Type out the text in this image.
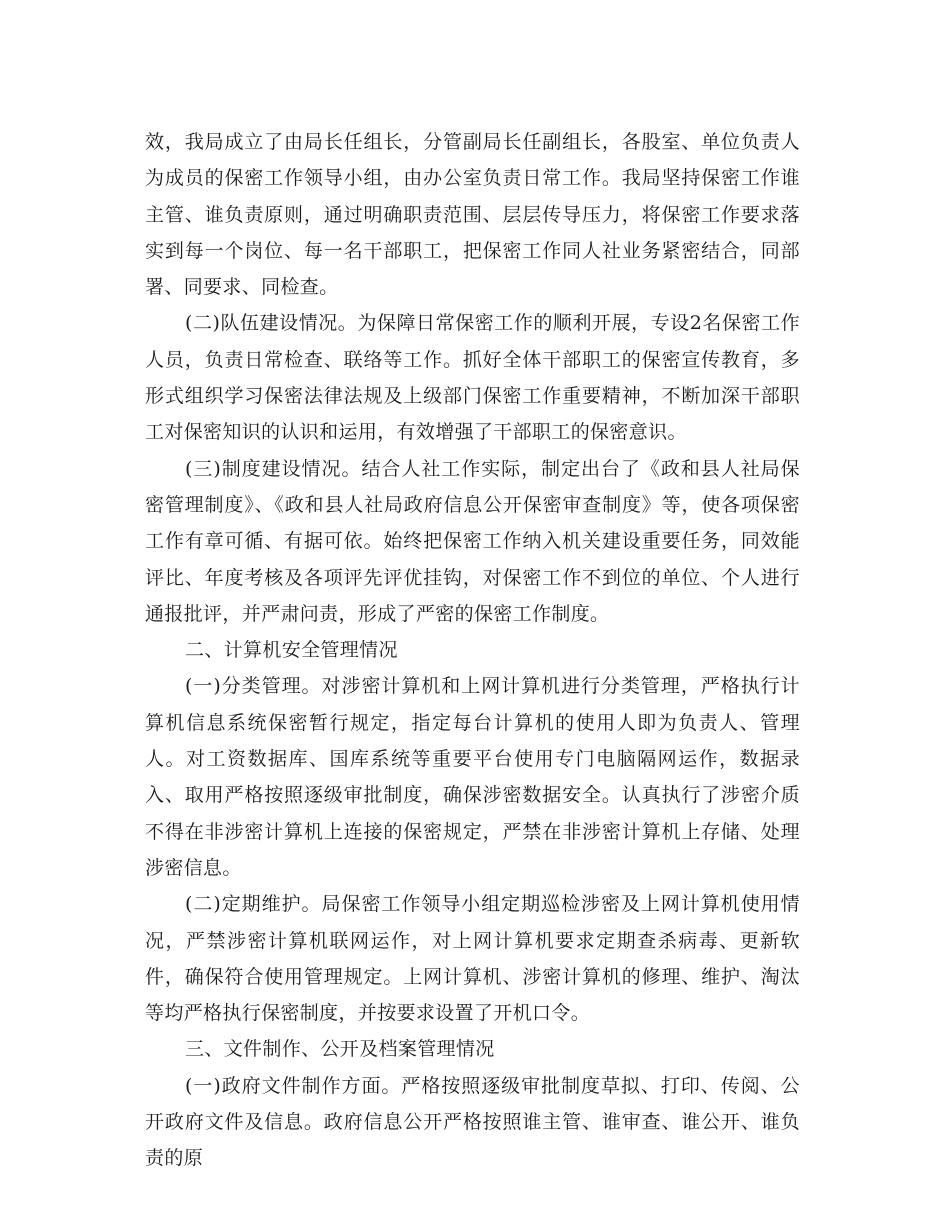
效，我局成立了由局长任组长，分管副局长任副组长，各股室、单位负责人为成员的保密工作领导小组，由办公室负责日常工作。我局坚持保密工作谁主管、谁负责原则，通过明确职责范围、层层传导压力，将保密工作要求落实到每一个岗位、每一名干部职工，把保密工作同人社业务紧密结合，同部署、同要求、同检查。

(二)队伍建设情况。为保障日常保密工作的顺利开展，专设2名保密工作人员，负责日常检查、联络等工作。抓好全体干部职工的保密宣传教育，多形式组织学习保密法律法规及上级部门保密工作重要精神，不断加深干部职工对保密知识的认识和运用，有效增强了干部职工的保密意识。

(三)制度建设情况。结合人社工作实际，制定出台了《政和县人社局保密管理制度》、《政和县人社局政府信息公开保密审查制度》等，使各项保密工作有章可循、有据可依。始终把保密工作纳入机关建设重要任务，同效能评比、年度考核及各项评先评优挂钩，对保密工作不到位的单位、个人进行通报批评，并严肃问责，形成了严密的保密工作制度。

二、计算机安全管理情况

(一)分类管理。对涉密计算机和上网计算机进行分类管理，严格执行计算机信息系统保密暂行规定，指定每台计算机的使用人即为负责人、管理人。对工资数据库、国库系统等重要平台使用专门电脑隔网运作，数据录入、取用严格按照逐级审批制度，确保涉密数据安全。认真执行了涉密介质不得在非涉密计算机上连接的保密规定，严禁在非涉密计算机上存储、处理涉密信息。

(二)定期维护。局保密工作领导小组定期巡检涉密及上网计算机使用情况，严禁涉密计算机联网运作，对上网计算机要求定期查杀病毒、更新软件，确保符合使用管理规定。上网计算机、涉密计算机的修理、维护、淘汰等均严格执行保密制度，并按要求设置了开机口令。

三、文件制作、公开及档案管理情况

(一)政府文件制作方面。严格按照逐级审批制度草拟、打印、传阅、公开政府文件及信息。政府信息公开严格按照谁主管、谁审查、谁公开、谁负责的原
